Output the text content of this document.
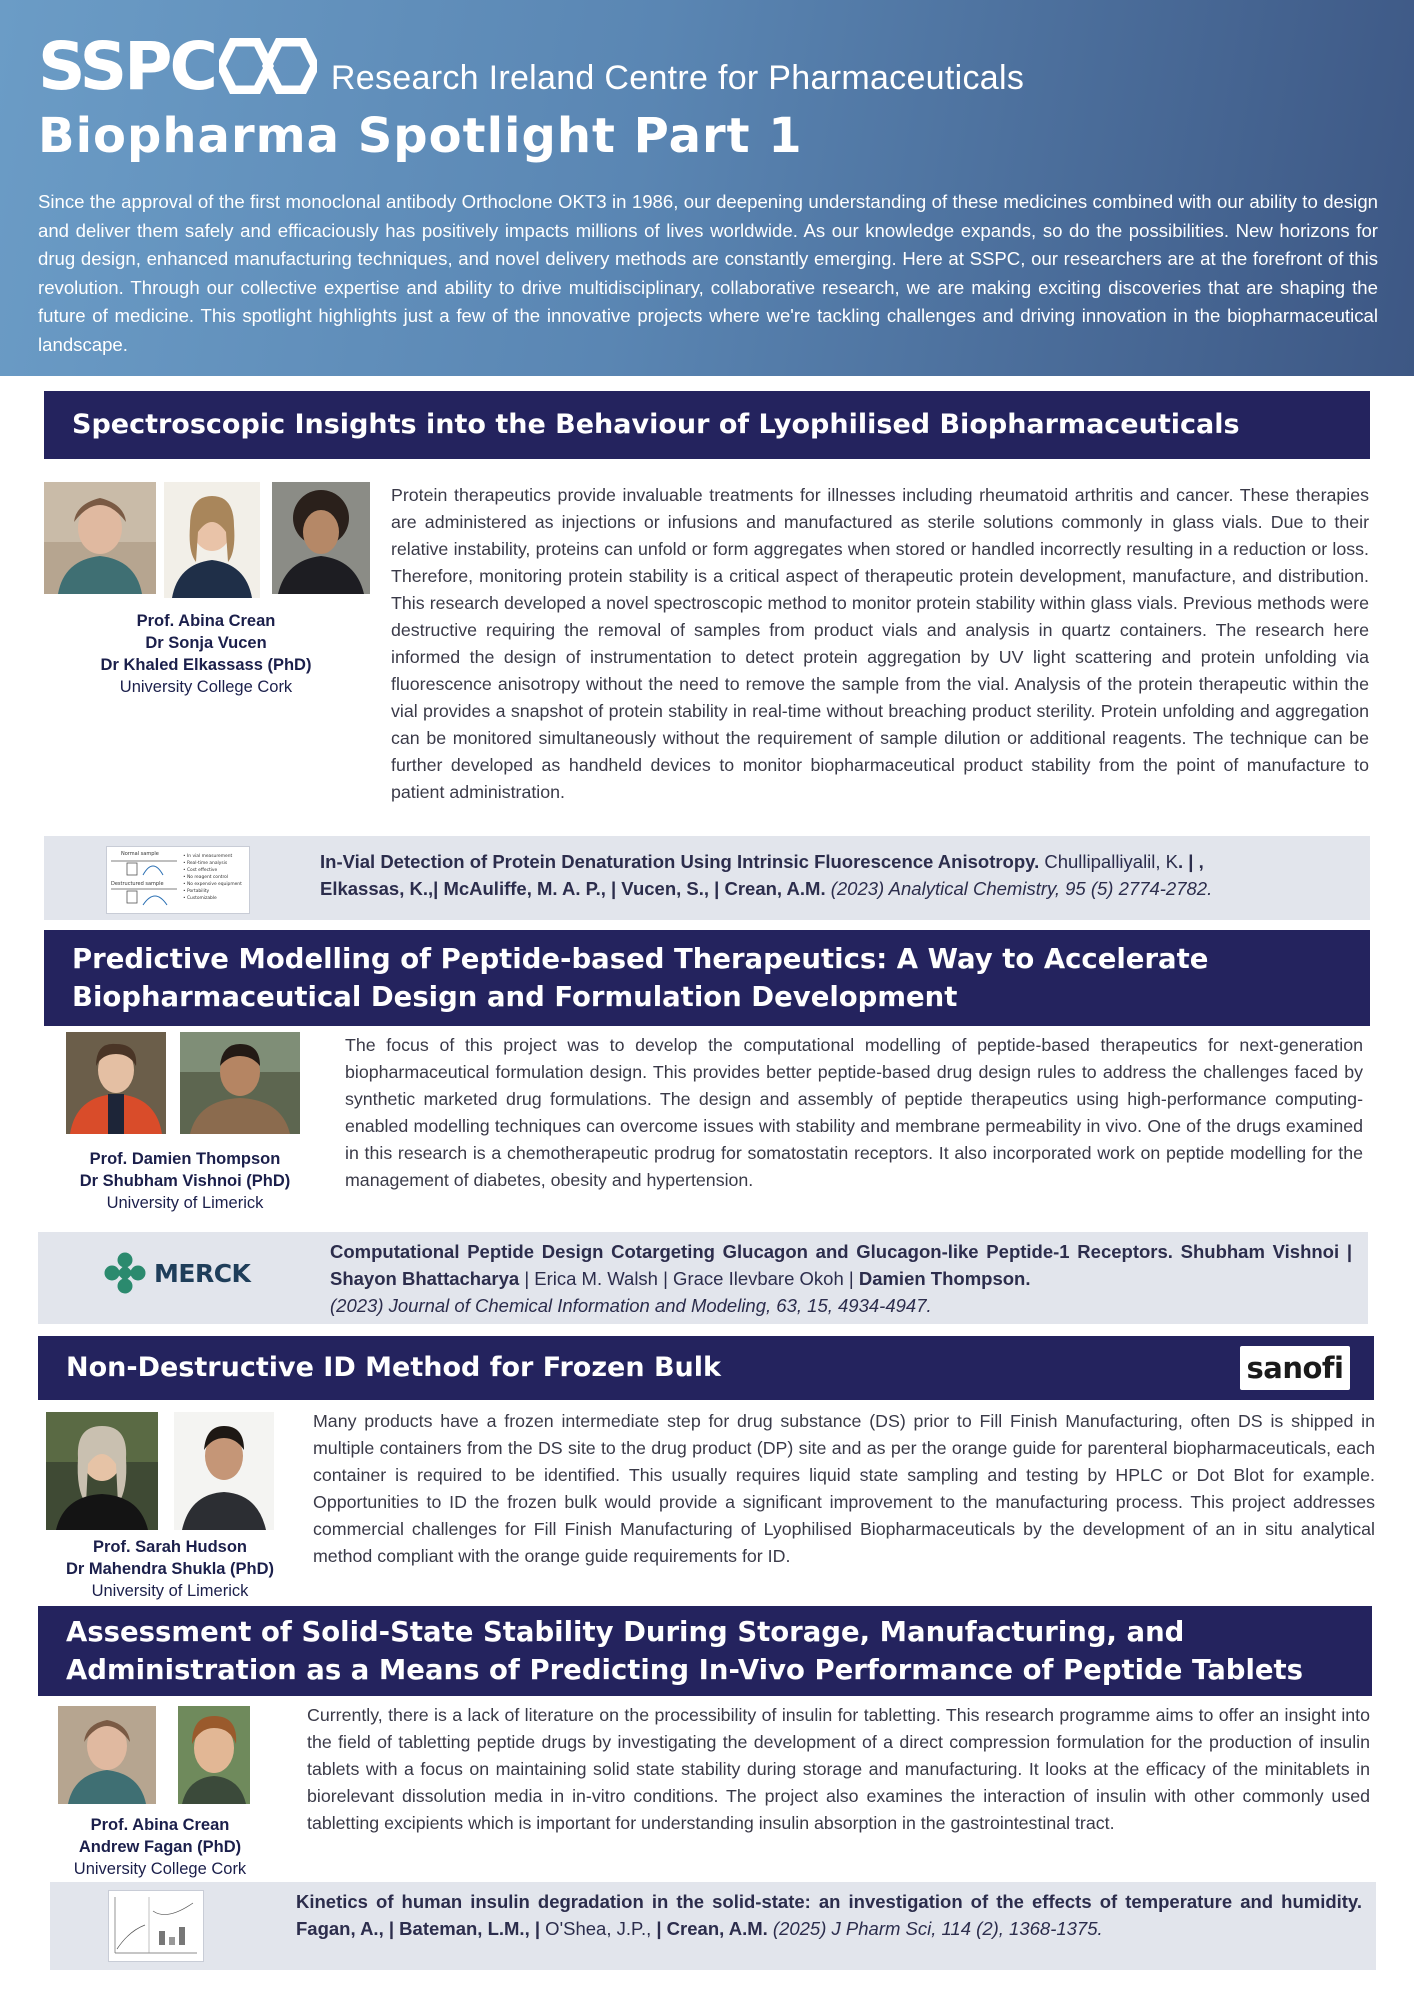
SSPC	Research Ireland Centre for Pharmaceuticals
Biopharma Spotlight Part 1
Since the approval of the first monoclonal antibody Orthoclone OKT3 in 1986, our deepening understanding of these medicines combined with our ability to design and deliver them safely and efficaciously has positively impacts millions of lives worldwide. As our knowledge expands, so do the possibilities. New horizons for drug design, enhanced manufacturing techniques, and novel delivery methods are constantly emerging. Here at SSPC, our researchers are at the forefront of this revolution. Through our collective expertise and ability to drive multidisciplinary, collaborative research, we are making exciting discoveries that are shaping the future of medicine. This spotlight highlights just a few of the innovative projects where we're tackling challenges and driving innovation in the biopharmaceutical landscape.
Spectroscopic Insights into the Behaviour of Lyophilised Biopharmaceuticals
Prof. Abina Crean
Dr Sonja Vucen
Dr Khaled Elkassass (PhD)
University College Cork
Protein therapeutics provide invaluable treatments for illnesses including rheumatoid arthritis and cancer. These therapies are administered as injections or infusions and manufactured as sterile solutions commonly in glass vials. Due to their relative instability, proteins can unfold or form aggregates when stored or handled incorrectly resulting in a reduction or loss. Therefore, monitoring protein stability is a critical aspect of therapeutic protein development, manufacture, and distribution. This research developed a novel spectroscopic method to monitor protein stability within glass vials. Previous methods were destructive requiring the removal of samples from product vials and analysis in quartz containers. The research here informed the design of instrumentation to detect protein aggregation by UV light scattering and protein unfolding via fluorescence anisotropy without the need to remove the sample from the vial. Analysis of the protein therapeutic within the vial provides a snapshot of protein stability in real-time without breaching product sterility. Protein unfolding and aggregation can be monitored simultaneously without the requirement of sample dilution or additional reagents. The technique can be further developed as handheld devices to monitor biopharmaceutical product stability from the point of manufacture to patient administration.
Normal sample
Destructured sample
• In vial measurement
• Real-time analysis
• Cost effective
• No reagent control
• No expensive equipment
• Portability
• Customizable
In-Vial Detection of Protein Denaturation Using Intrinsic Fluorescence Anisotropy. Chullipalliyalil, K. | ,
Elkassas, K.,| McAuliffe, M. A. P., | Vucen, S., | Crean, A.M. (2023) Analytical Chemistry, 95 (5) 2774-2782.
Predictive Modelling of Peptide-based Therapeutics: A Way to Accelerate
Biopharmaceutical Design and Formulation Development
Prof. Damien Thompson
Dr Shubham Vishnoi (PhD)
University of Limerick
The focus of this project was to develop the computational modelling of peptide-based therapeutics for next-generation biopharmaceutical formulation design. This provides better peptide-based drug design rules to address the challenges faced by synthetic marketed drug formulations. The design and assembly of peptide therapeutics using high-performance computing-enabled modelling techniques can overcome issues with stability and membrane permeability in vivo. One of the drugs examined in this research is a chemotherapeutic prodrug for somatostatin receptors. It also incorporated work on peptide modelling for the management of diabetes, obesity and hypertension.
MERCK
Computational Peptide Design Cotargeting Glucagon and Glucagon-like Peptide-1 Receptors. Shubham Vishnoi | Shayon Bhattacharya | Erica M. Walsh | Grace Ilevbare Okoh | Damien Thompson.
(2023) Journal of Chemical Information and Modeling, 63, 15, 4934-4947.
Non-Destructive ID Method for Frozen Bulk	sanofi
Prof. Sarah Hudson
Dr Mahendra Shukla (PhD)
University of Limerick
Many products have a frozen intermediate step for drug substance (DS) prior to Fill Finish Manufacturing, often DS is shipped in multiple containers from the DS site to the drug product (DP) site and as per the orange guide for parenteral biopharmaceuticals, each container is required to be identified. This usually requires liquid state sampling and testing by HPLC or Dot Blot for example. Opportunities to ID the frozen bulk would provide a significant improvement to the manufacturing process. This project addresses commercial challenges for Fill Finish Manufacturing of Lyophilised Biopharmaceuticals by the development of an in situ analytical method compliant with the orange guide requirements for ID.
Assessment of Solid-State Stability During Storage, Manufacturing, and
Administration as a Means of Predicting In-Vivo Performance of Peptide Tablets
Prof. Abina Crean
Andrew Fagan (PhD)
University College Cork
Currently, there is a lack of literature on the processibility of insulin for tabletting. This research programme aims to offer an insight into the field of tabletting peptide drugs by investigating the development of a direct compression formulation for the production of insulin tablets with a focus on maintaining solid state stability during storage and manufacturing. It looks at the efficacy of the minitablets in biorelevant dissolution media in in-vitro conditions. The project also examines the interaction of insulin with other commonly used tabletting excipients which is important for understanding insulin absorption in the gastrointestinal tract.
Kinetics of human insulin degradation in the solid-state: an investigation of the effects of temperature and humidity. Fagan, A., | Bateman, L.M., | O'Shea, J.P., | Crean, A.M. (2025) J Pharm Sci, 114 (2), 1368-1375.
